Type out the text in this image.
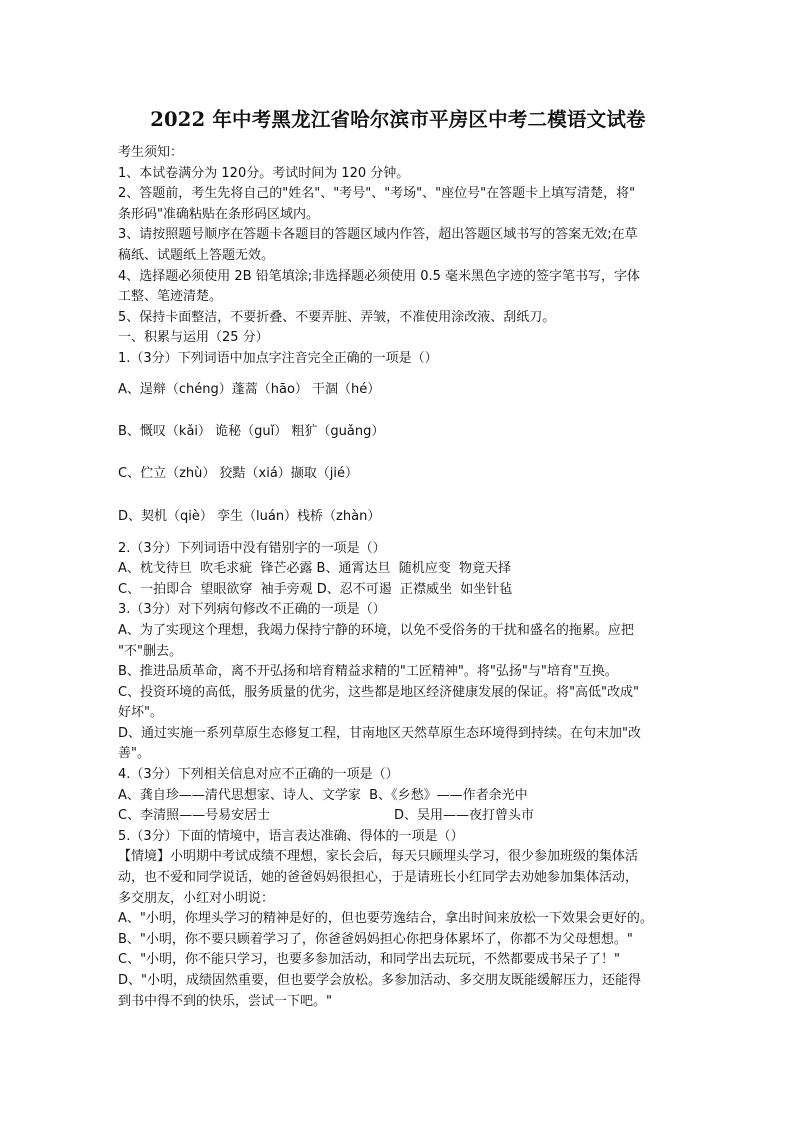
2022 年中考黑龙江省哈尔滨市平房区中考二模语文试卷

考生须知：

1、本试卷满分为 120分。考试时间为 120 分钟。

2、答题前，考生先将自己的"姓名"、"考号"、"考场"、"座位号"在答题卡上填写清楚，将"

条形码"准确粘贴在条形码区域内。

3、请按照题号顺序在答题卡各题目的答题区域内作答，超出答题区域书写的答案无效;在草

稿纸、试题纸上答题无效。

4、选择题必须使用 2B 铅笔填涂;非选择题必须使用 0.5 毫米黑色字迹的签字笔书写，字体

工整、笔迹清楚。

5、保持卡面整洁，不要折叠、不要弄脏、弄皱，不准使用涂改液、刮纸刀。

一、积累与运用（25 分）

1.（3分）下列词语中加点字注音完全正确的一项是（）

A、逞辩（chéng）蓬蒿（hāo） 干涸（hé）

B、慨叹（kǎi） 诡秘（guǐ） 粗犷（guǎng）

C、伫立（zhù） 狡黠（xiá）撷取（jié）

D、契机（qiè） 孪生（luán）栈桥（zhàn）

2.（3分）下列词语中没有错别字的一项是（）

A、枕戈待旦  吹毛求疵  锋芒必露 B、通霄达旦  随机应变  物竟天择

C、一拍即合  望眼欲穿  袖手旁观 D、忍不可遏  正襟威坐  如坐针毡

3.（3分）对下列病句修改不正确的一项是（）

A、为了实现这个理想，我竭力保持宁静的环境，以免不受俗务的干扰和盛名的拖累。应把

"不"删去。

B、推进品质革命，离不开弘扬和培育精益求精的"工匠精神"。将"弘扬"与"培育"互换。

C、投资环境的高低，服务质量的优劣，这些都是地区经济健康发展的保证。将"高低"改成"

好坏"。

D、通过实施一系列草原生态修复工程，甘南地区天然草原生态环境得到持续。在句末加"改

善"。

4.（3分）下列相关信息对应不正确的一项是（）

A、龚自珍——清代思想家、诗人、文学家  B、《乡愁》——作者余光中

C、李清照——号易安居士                              D、吴用——夜打曾头市

5.（3分）下面的情境中，语言表达准确、得体的一项是（）

【情境】小明期中考试成绩不理想，家长会后，每天只顾埋头学习，很少参加班级的集体活

动，也不爱和同学说话，她的爸爸妈妈很担心，于是请班长小红同学去劝她参加集体活动，

多交朋友，小红对小明说：

A、"小明，你埋头学习的精神是好的，但也要劳逸结合，拿出时间来放松一下效果会更好的。

B、"小明，你不要只顾着学习了，你爸爸妈妈担心你把身体累坏了，你都不为父母想想。"

C、"小明，你不能只学习，也要多参加活动，和同学出去玩玩，不然都要成书呆子了！"

D、"小明，成绩固然重要，但也要学会放松。多参加活动、多交朋友既能缓解压力，还能得

到书中得不到的快乐，尝试一下吧。"
